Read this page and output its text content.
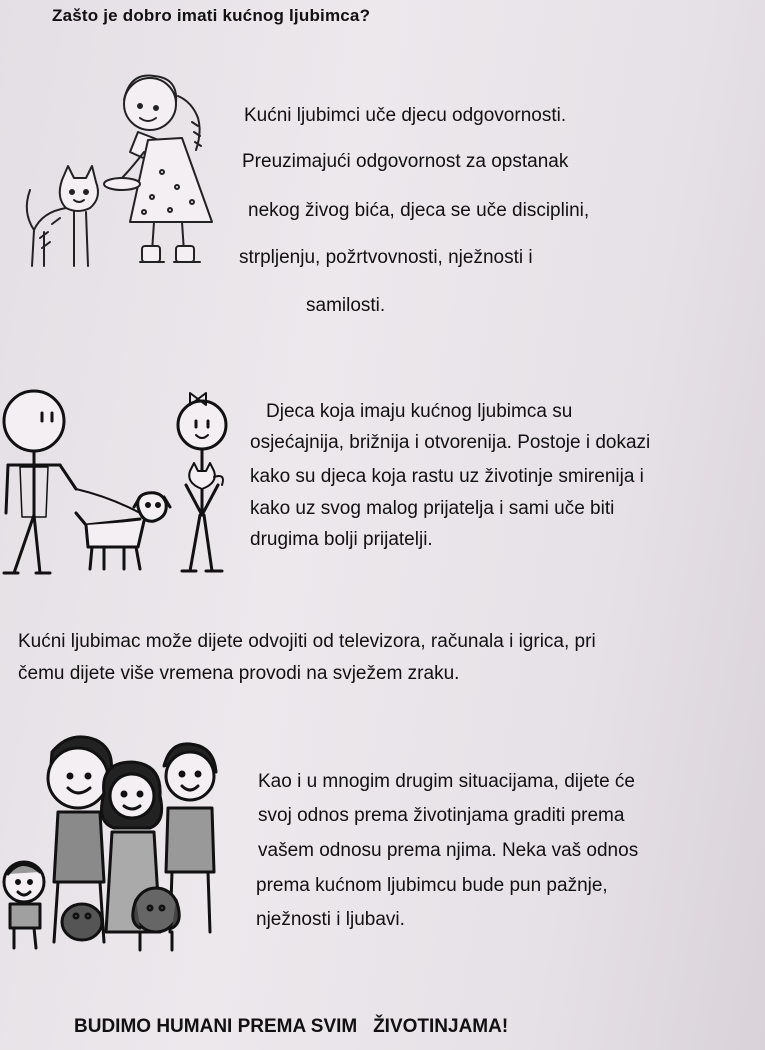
Zašto je dobro imati kućnog ljubimca?
Kućni ljubimci uče djecu odgovornosti.
Preuzimajući odgovornost za opstanak
nekog živog bića, djeca se uče disciplini,
strpljenju, požrtvovnosti, nježnosti i
samilosti.
Djeca koja imaju kućnog ljubimca su
osjećajnija, brižnija i otvorenija. Postoje i dokazi
kako su djeca koja rastu uz životinje smirenija i
kako uz svog malog prijatelja i sami uče biti
drugima bolji prijatelji.
Kućni ljubimac može dijete odvojiti od televizora, računala i igrica, pri
čemu dijete više vremena provodi na svježem zraku.
Kao i u mnogim drugim situacijama, dijete će
svoj odnos prema životinjama graditi prema
vašem odnosu prema njima. Neka vaš odnos
prema kućnom ljubimcu bude pun pažnje,
nježnosti i ljubavi.
BUDIMO HUMANI PREMA SVIM   ŽIVOTINJAMA!
